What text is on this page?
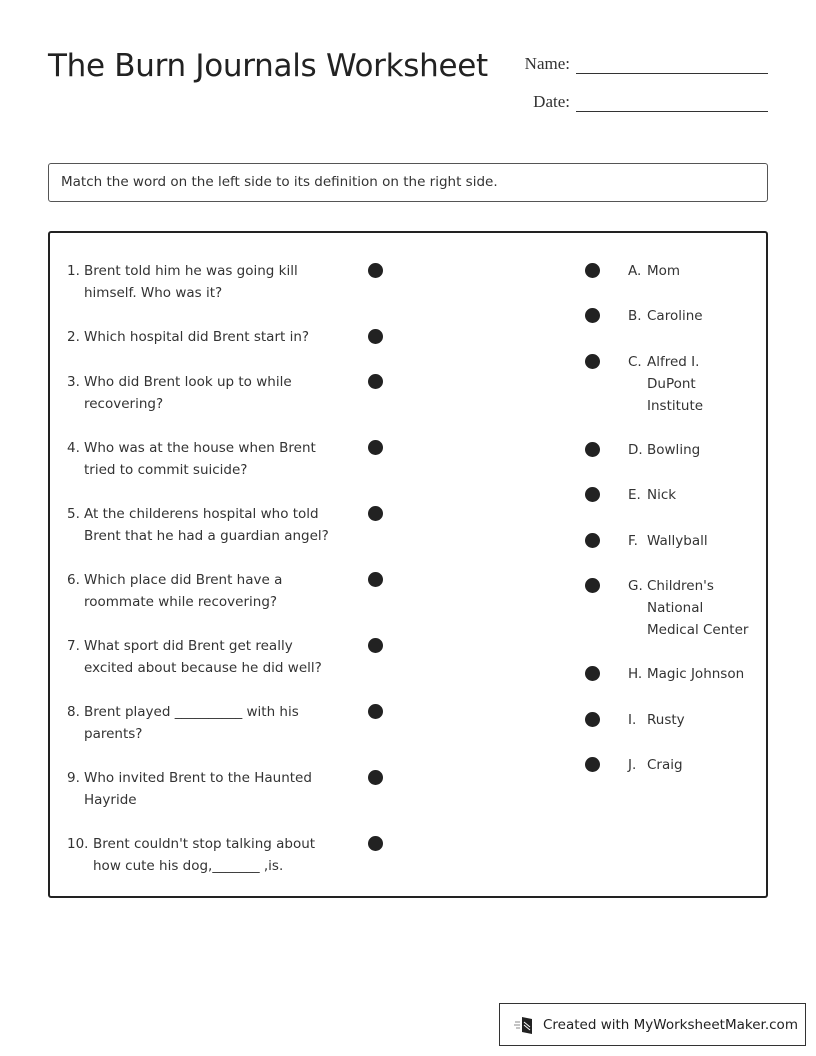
The Burn Journals Worksheet	Name:
Date:
Match the word on the left side to its definition on the right side.
1. Brent told him he was going kill himself. Who was it?
2. Which hospital did Brent start in?
3. Who did Brent look up to while recovering?
4. Who was at the house when Brent tried to commit suicide?
5. At the childerens hospital who told Brent that he had a guardian angel?
6. Which place did Brent have a roommate while recovering?
7. What sport did Brent get really excited about because he did well?
8. Brent played __________ with his parents?
9. Who invited Brent to the Haunted Hayride
10. Brent couldn't stop talking about how cute his dog,_______ ,is.
A. Mom
B. Caroline
C. Alfred I. DuPont Institute
D. Bowling
E. Nick
F. Wallyball
G. Children's National Medical Center
H. Magic Johnson
I. Rusty
J. Craig
Created with MyWorksheetMaker.com
